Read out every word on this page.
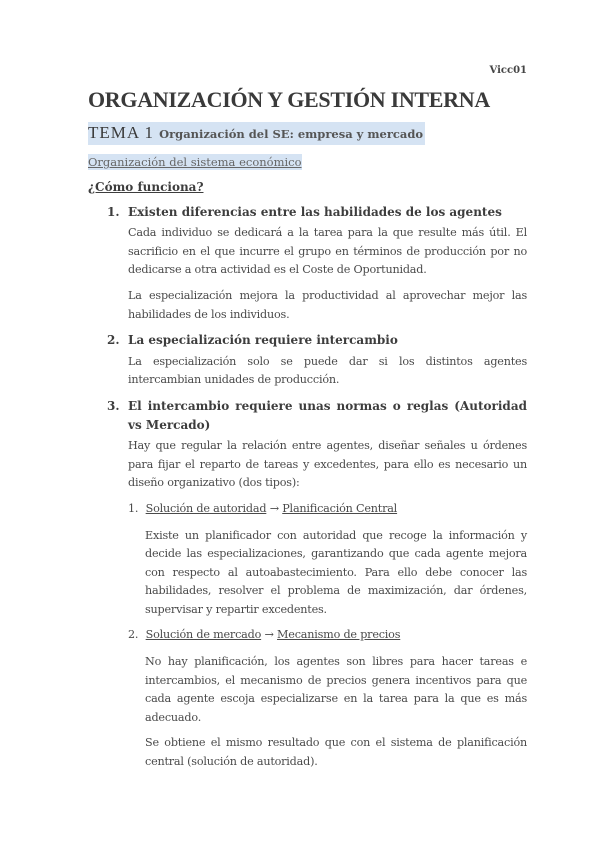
Vicc01
ORGANIZACIÓN Y GESTIÓN INTERNA
TEMA 1 Organización del SE: empresa y mercado
Organización del sistema económico
¿Cómo funciona?
1. Existen diferencias entre las habilidades de los agentes

Cada individuo se dedicará a la tarea para la que resulte más útil. El sacrificio en el que incurre el grupo en términos de producción por no dedicarse a otra actividad es el Coste de Oportunidad.

La especialización mejora la productividad al aprovechar mejor las habilidades de los individuos.

2. La especialización requiere intercambio

La especialización solo se puede dar si los distintos agentes intercambian unidades de producción.

3. El intercambio requiere unas normas o reglas (Autoridad vs Mercado)

Hay que regular la relación entre agentes, diseñar señales u órdenes para fijar el reparto de tareas y excedentes, para ello es necesario un diseño organizativo (dos tipos):

1. Solución de autoridad → Planificación Central

Existe un planificador con autoridad que recoge la información y decide las especializaciones, garantizando que cada agente mejora con respecto al autoabastecimiento. Para ello debe conocer las habilidades, resolver el problema de maximización, dar órdenes, supervisar y repartir excedentes.

2. Solución de mercado → Mecanismo de precios

No hay planificación, los agentes son libres para hacer tareas e intercambios, el mecanismo de precios genera incentivos para que cada agente escoja especializarse en la tarea para la que es más adecuado.

Se obtiene el mismo resultado que con el sistema de planificación central (solución de autoridad).
